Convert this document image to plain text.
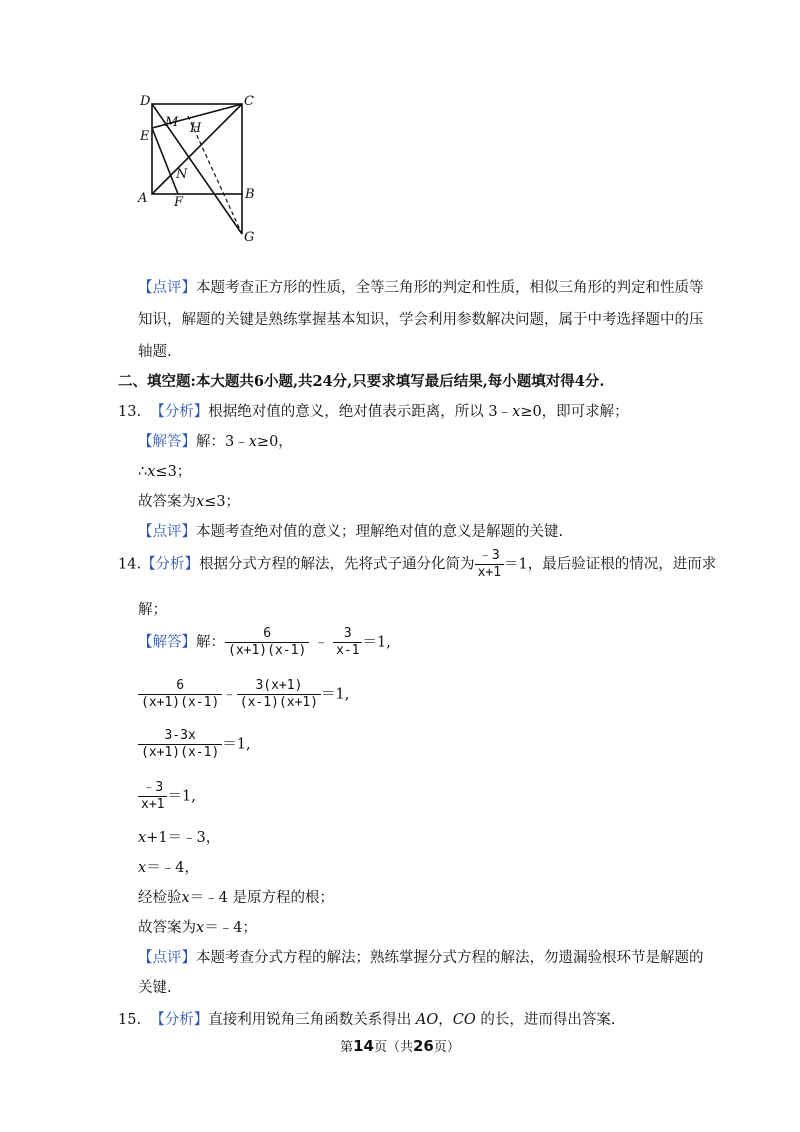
D	C
M H
E
N
A F
B
G
【点评】本题考查正方形的性质，全等三角形的判定和性质，相似三角形的判定和性质等
知识，解题的关键是熟练掌握基本知识，学会利用参数解决问题，属于中考选择题中的压
轴题.
二、填空题:本大题共6小题,共24分,只要求填写最后结果,每小题填对得4分.
13. 【分析】根据绝对值的意义，绝对值表示距离，所以 3﹣x≥0，即可求解；
【解答】解：3﹣x≥0，
∴x≤3；
故答案为x≤3；
【点评】本题考查绝对值的意义；理解绝对值的意义是解题的关键.
14.【分析】根据分式方程的解法，先将式子通分化简为 $\frac{﹣3}{x+1} =1$，最后验证根的情况，进而求
解；
【解答】解： $\frac{6}{(x+1)(x-1)}$ ﹣ $\frac{3}{x-1} =1$,
$\frac{6}{(x+1)(x-1)}$ ﹣ $\frac{3(x+1)}{(x-1)(x+1)} =1$,
$\frac{3-3x}{(x+1)(x-1)} =1$,
$\frac{﹣3}{x+1} =1$,
x+1＝﹣3，
x＝﹣4，
经检验x＝﹣4 是原方程的根；
故答案为x＝﹣4；
【点评】本题考查分式方程的解法；熟练掌握分式方程的解法，勿遗漏验根环节是解题的
关键.
15. 【分析】直接利用锐角三角函数关系得出 AO，CO 的长，进而得出答案.
第14页（共26页）
